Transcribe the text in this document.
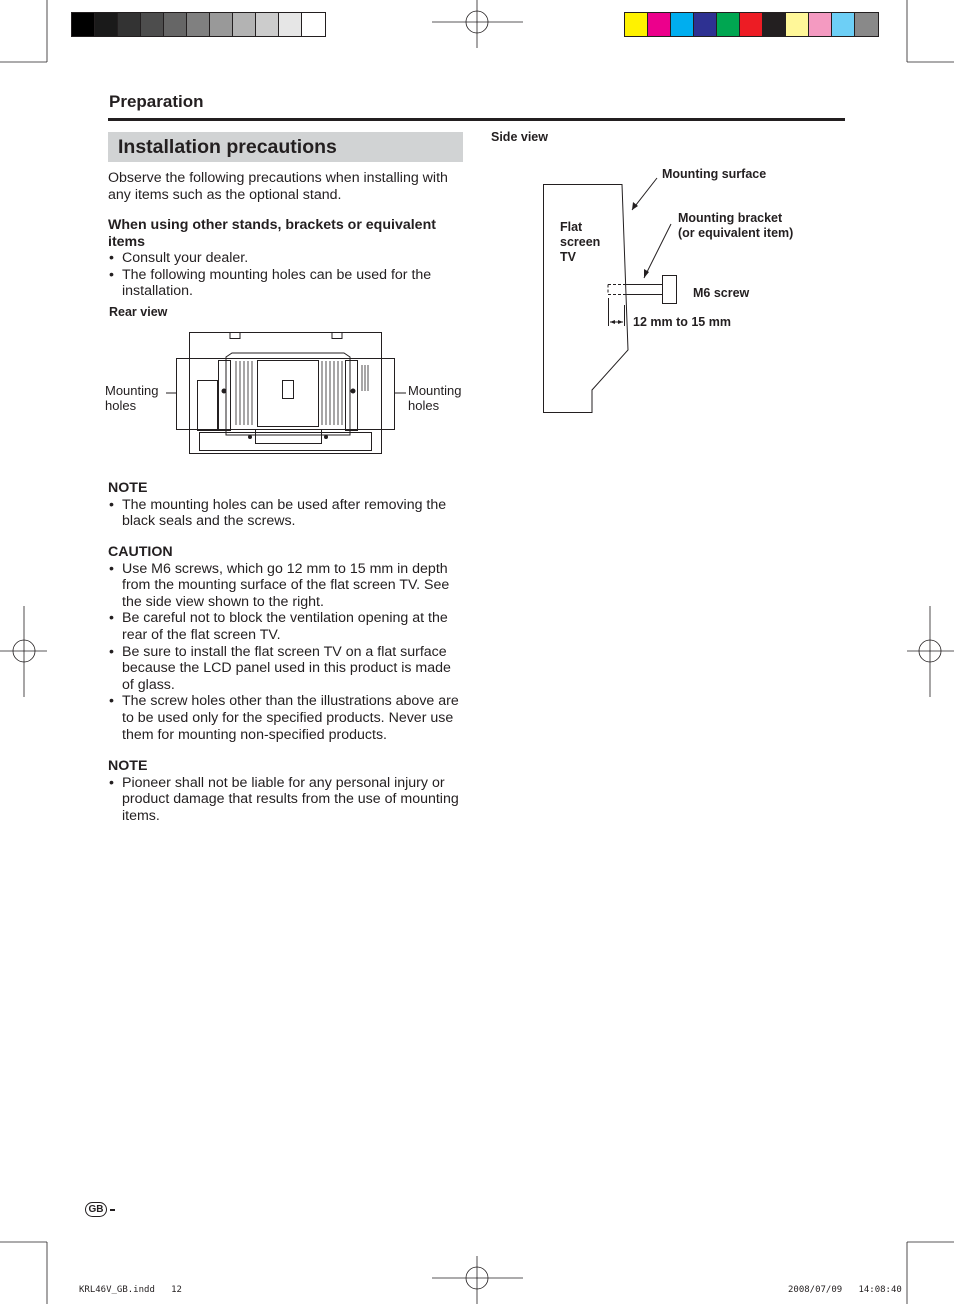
Preparation
Installation precautions

Observe the following precautions when installing with any items such as the optional stand.

When using other stands, brackets or equivalent items

• Consult your dealer.
• The following mounting holes can be used for the installation.
Rear view
Mounting
holes
Mounting
holes

NOTE

• The mounting holes can be used after removing the black seals and the screws.

CAUTION

• Use M6 screws, which go 12 mm to 15 mm in depth from the mounting surface of the flat screen TV. See the side view shown to the right.
• Be careful not to block the ventilation opening at the rear of the flat screen TV.
• Be sure to install the flat screen TV on a flat surface because the LCD panel used in this product is made of glass.
• The screw holes other than the illustrations above are to be used only for the specified products. Never use them for mounting non-specified products.

NOTE

• Pioneer shall not be liable for any personal injury or product damage that results from the use of mounting items.
Side view
Mounting surface
Flat
screen
TV
Mounting bracket
(or equivalent item)
M6 screw
12 mm to 15 mm
GB
KRL46V_GB.indd   12	2008/07/09   14:08:40
